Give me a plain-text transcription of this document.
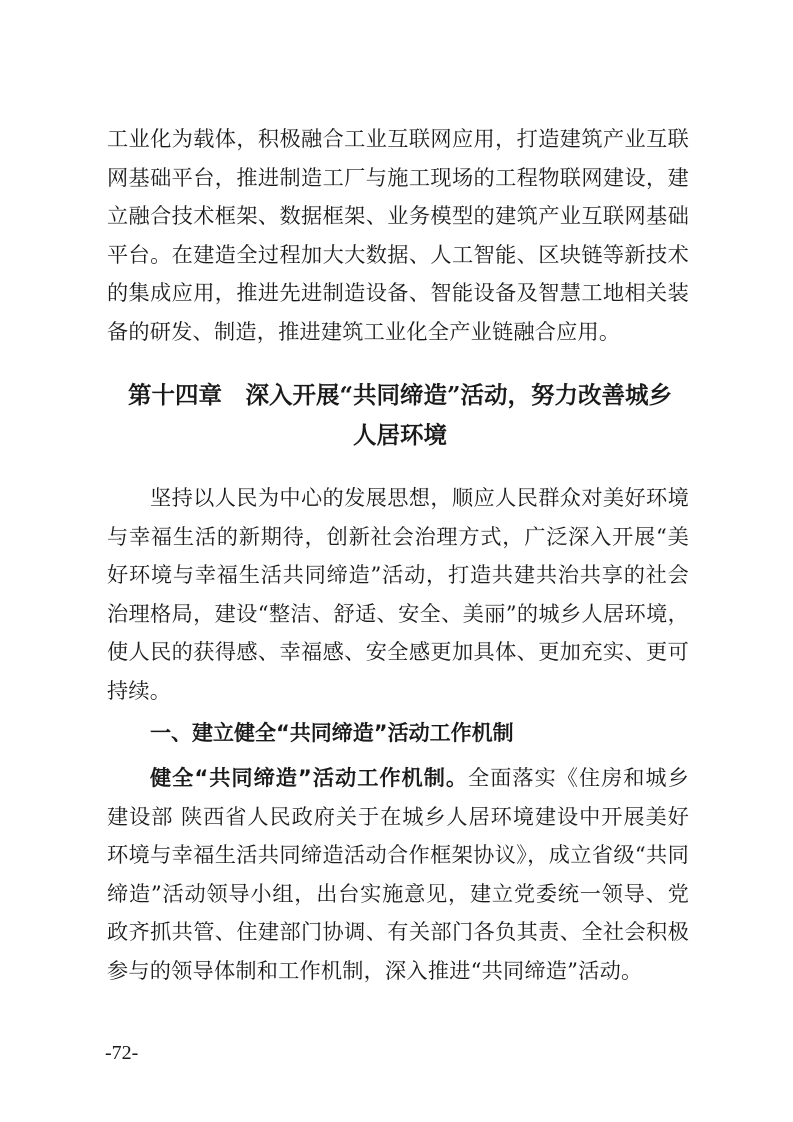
工业化为载体，积极融合工业互联网应用，打造建筑产业互联网基础平台，推进制造工厂与施工现场的工程物联网建设，建立融合技术框架、数据框架、业务模型的建筑产业互联网基础平台。在建造全过程加大大数据、人工智能、区块链等新技术的集成应用，推进先进制造设备、智能设备及智慧工地相关装备的研发、制造，推进建筑工业化全产业链融合应用。

第十四章　深入开展“共同缔造”活动，努力改善城乡
人居环境

坚持以人民为中心的发展思想，顺应人民群众对美好环境与幸福生活的新期待，创新社会治理方式，广泛深入开展“美好环境与幸福生活共同缔造”活动，打造共建共治共享的社会治理格局，建设“整洁、舒适、安全、美丽”的城乡人居环境，使人民的获得感、幸福感、安全感更加具体、更加充实、更可持续。

一、建立健全“共同缔造”活动工作机制

健全“共同缔造”活动工作机制。全面落实《住房和城乡建设部 陕西省人民政府关于在城乡人居环境建设中开展美好环境与幸福生活共同缔造活动合作框架协议》，成立省级“共同缔造”活动领导小组，出台实施意见，建立党委统一领导、党政齐抓共管、住建部门协调、有关部门各负其责、全社会积极参与的领导体制和工作机制，深入推进“共同缔造”活动。

-72-
